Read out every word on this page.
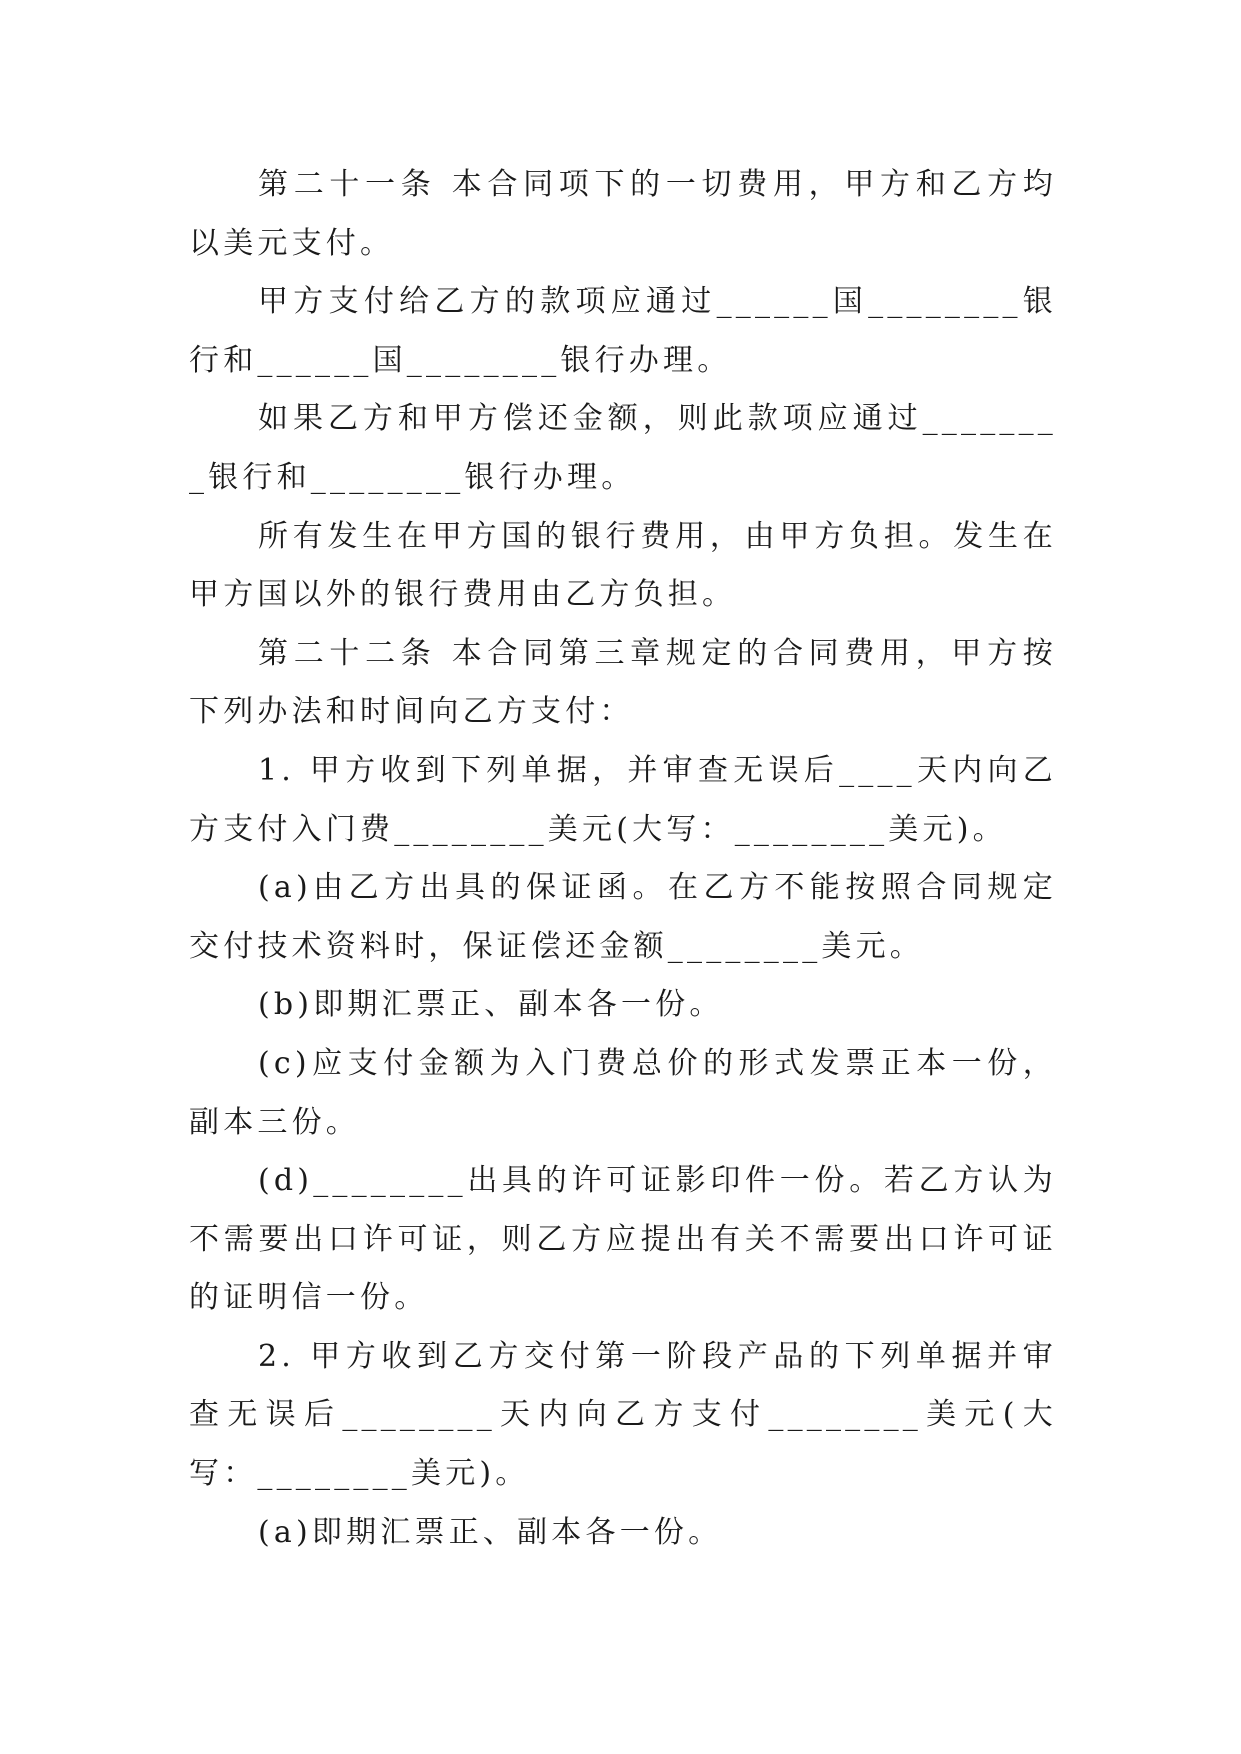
第二十一条 本合同项下的一切费用，甲方和乙方均以美元支付。

甲方支付给乙方的款项应通过______国________银行和______国________银行办理。

如果乙方和甲方偿还金额，则此款项应通过________银行和________银行办理。

所有发生在甲方国的银行费用，由甲方负担。发生在甲方国以外的银行费用由乙方负担。

第二十二条 本合同第三章规定的合同费用，甲方按下列办法和时间向乙方支付：

1. 甲方收到下列单据，并审查无误后____天内向乙方支付入门费________美元(大写：________美元)。

(a)由乙方出具的保证函。在乙方不能按照合同规定交付技术资料时，保证偿还金额________美元。

(b)即期汇票正、副本各一份。

(c)应支付金额为入门费总价的形式发票正本一份，副本三份。

(d)________出具的许可证影印件一份。若乙方认为不需要出口许可证，则乙方应提出有关不需要出口许可证的证明信一份。

2. 甲方收到乙方交付第一阶段产品的下列单据并审查无误后________天内向乙方支付________美元(大写：________美元)。

(a)即期汇票正、副本各一份。
